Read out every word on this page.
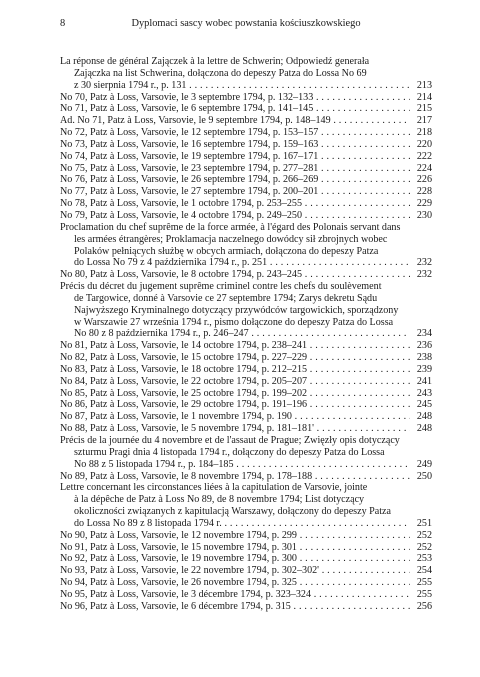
8	Dyplomaci sascy wobec powstania kościuszkowskiego
La réponse de général Zajączek à la lettre de Schwerin; Odpowiedź generała
Zajączka na list Schwerina, dołączona do depeszy Patza do Lossa No 69
z 30 sierpnia 1794 r., p. 131 . . .	213
No 70, Patz à Loss, Varsovie, le 3 septembre 1794, p. 132–133 . . .	214
No 71, Patz à Loss, Varsovie, le 6 septembre 1794, p. 141–145 . . .	215
Ad. No 71, Patz à Loss, Varsovie, le 9 septembre 1794, p. 148–149 . . .	217
No 72, Patz à Loss, Varsovie, le 12 septembre 1794, p. 153–157 . . .	218
No 73, Patz à Loss, Varsovie, le 16 septembre 1794, p. 159–163 . . .	220
No 74, Patz à Loss, Varsovie, le 19 septembre 1794, p. 167–171 . . .	222
No 75, Patz à Loss, Varsovie, le 23 septembre 1794, p. 277–281 . . .	224
No 76, Patz à Loss, Varsovie, le 26 septembre 1794, p. 266–269 . . .	226
No 77, Patz à Loss, Varsovie, le 27 septembre 1794, p. 200–201 . . .	228
No 78, Patz à Loss, Varsovie, le 1 octobre 1794, p. 253–255 . . .	229
No 79, Patz à Loss, Varsovie, le 4 octobre 1794, p. 249–250 . . .	230
Proclamation du chef suprême de la force armée, à l'égard des Polonais servant dans
les armées étrangères; Proklamacja naczelnego dowódcy sił zbrojnych wobec
Polaków pełniących służbę w obcych armiach, dołączona do depeszy Patza
do Lossa No 79 z 4 października 1794 r., p. 251 . . .	232
No 80, Patz à Loss, Varsovie, le 8 octobre 1794, p. 243–245 . . .	232
Précis du décret du jugement suprême criminel contre les chefs du soulèvement
de Targowice, donné à Varsovie ce 27 septembre 1794; Zarys dekretu Sądu
Najwyższego Kryminalnego dotyczący przywódców targowickich, sporządzony
w Warszawie 27 września 1794 r., pismo dołączone do depeszy Patza do Lossa
No 80 z 8 października 1794 r., p. 246–247 . . .	234
No 81, Patz à Loss, Varsovie, le 14 octobre 1794, p. 238–241 . . .	236
No 82, Patz à Loss, Varsovie, le 15 octobre 1794, p. 227–229 . . .	238
No 83, Patz à Loss, Varsovie, le 18 octobre 1794, p. 212–215 . . .	239
No 84, Patz à Loss, Varsovie, le 22 octobre 1794, p. 205–207 . . .	241
No 85, Patz à Loss, Varsovie, le 25 octobre 1794, p. 199–202 . . .	243
No 86, Patz à Loss, Varsovie, le 29 octobre 1794, p. 191–196 . . .	245
No 87, Patz à Loss, Varsovie, le 1 novembre 1794, p. 190 . . .	248
No 88, Patz à Loss, Varsovie, le 5 novembre 1794, p. 181–181' . . .	248
Précis de la journée du 4 novembre et de l'assaut de Prague; Zwięzły opis dotyczący
szturmu Pragi dnia 4 listopada 1794 r., dołączony do depeszy Patza do Lossa
No 88 z 5 listopada 1794 r., p. 184–185 . . .	249
No 89, Patz à Loss, Varsovie, le 8 novembre 1794, p. 178–188 . . .	250
Lettre concernant les circonstances liées à la capitulation de Varsovie, jointe
à la dépêche de Patz à Loss No 89, de 8 novembre 1794; List dotyczący
okoliczności związanych z kapitulacją Warszawy, dołączony do depeszy Patza
do Lossa No 89 z 8 listopada 1794 r. . . .	251
No 90, Patz à Loss, Varsovie, le 12 novembre 1794, p. 299 . . .	252
No 91, Patz à Loss, Varsovie, le 15 novembre 1794, p. 301 . . .	252
No 92, Patz à Loss, Varsovie, le 19 novembre 1794, p. 300 . . .	253
No 93, Patz à Loss, Varsovie, le 22 novembre 1794, p. 302–302' . . .	254
No 94, Patz à Loss, Varsovie, le 26 novembre 1794, p. 325 . . .	255
No 95, Patz à Loss, Varsovie, le 3 décembre 1794, p. 323–324 . . .	255
No 96, Patz à Loss, Varsovie, le 6 décembre 1794, p. 315 . . .	256
